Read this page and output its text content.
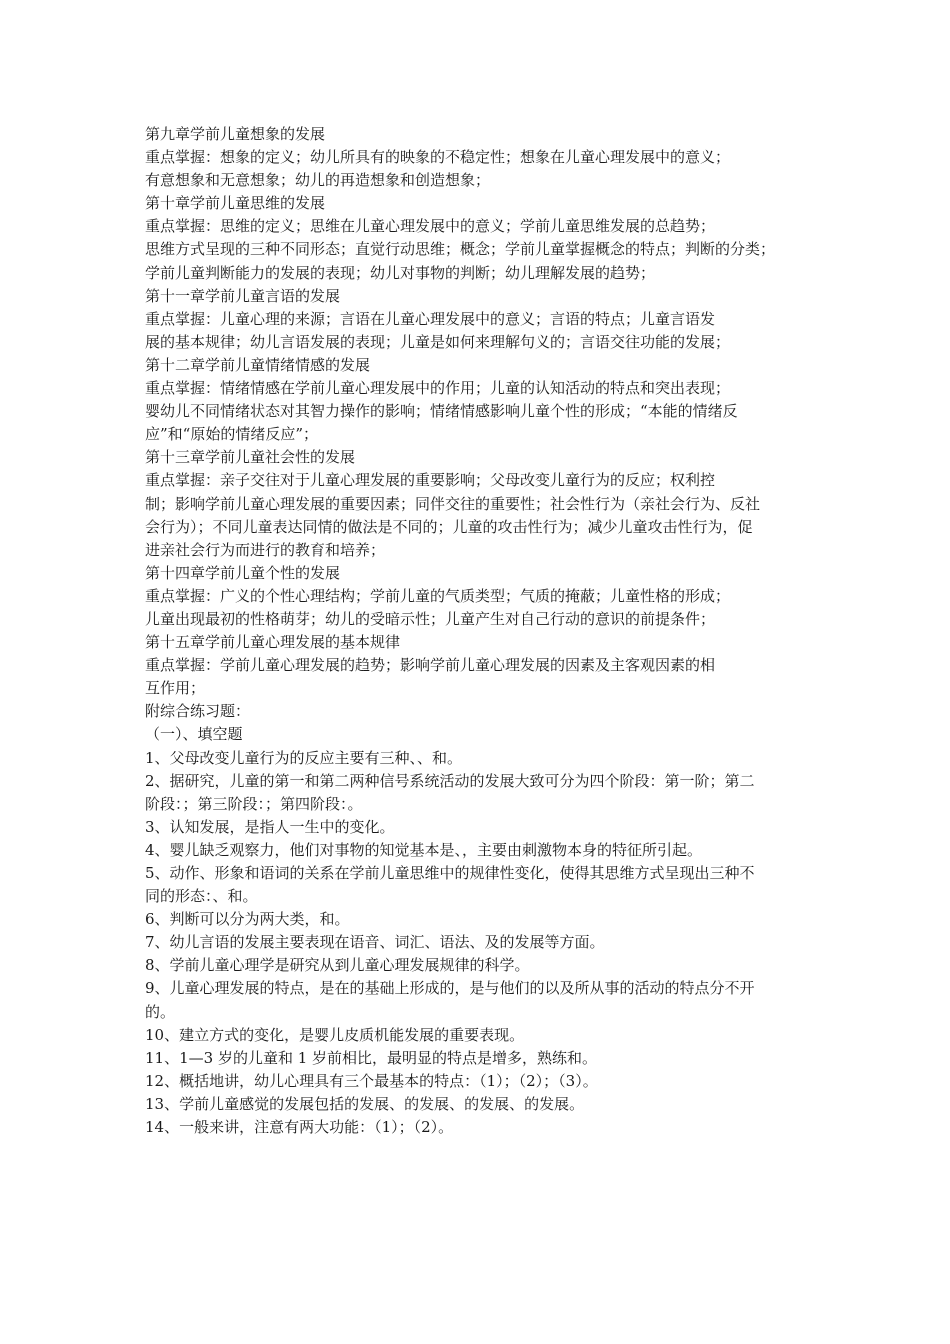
第九章学前儿童想象的发展
重点掌握：想象的定义；幼儿所具有的映象的不稳定性；想象在儿童心理发展中的意义；
有意想象和无意想象；幼儿的再造想象和创造想象；
第十章学前儿童思维的发展
重点掌握：思维的定义；思维在儿童心理发展中的意义；学前儿童思维发展的总趋势；
思维方式呈现的三种不同形态；直觉行动思维；概念；学前儿童掌握概念的特点；判断的分类；
学前儿童判断能力的发展的表现；幼儿对事物的判断；幼儿理解发展的趋势；
第十一章学前儿童言语的发展
重点掌握：儿童心理的来源；言语在儿童心理发展中的意义；言语的特点；儿童言语发
展的基本规律；幼儿言语发展的表现；儿童是如何来理解句义的；言语交往功能的发展；
第十二章学前儿童情绪情感的发展
重点掌握：情绪情感在学前儿童心理发展中的作用；儿童的认知活动的特点和突出表现；
婴幼儿不同情绪状态对其智力操作的影响；情绪情感影响儿童个性的形成；“本能的情绪反
应”和“原始的情绪反应”；
第十三章学前儿童社会性的发展
重点掌握：亲子交往对于儿童心理发展的重要影响；父母改变儿童行为的反应；权利控
制；影响学前儿童心理发展的重要因素；同伴交往的重要性；社会性行为（亲社会行为、反社
会行为）；不同儿童表达同情的做法是不同的；儿童的攻击性行为；减少儿童攻击性行为，促
进亲社会行为而进行的教育和培养；
第十四章学前儿童个性的发展
重点掌握：广义的个性心理结构；学前儿童的气质类型；气质的掩蔽；儿童性格的形成；
儿童出现最初的性格萌芽；幼儿的受暗示性；儿童产生对自己行动的意识的前提条件；
第十五章学前儿童心理发展的基本规律
重点掌握：学前儿童心理发展的趋势；影响学前儿童心理发展的因素及主客观因素的相
互作用；
附综合练习题：
（一）、填空题
1、父母改变儿童行为的反应主要有三种、、和。
2、据研究，儿童的第一和第二两种信号系统活动的发展大致可分为四个阶段：第一阶；第二
阶段：；第三阶段：；第四阶段：。
3、认知发展，是指人一生中的变化。
4、婴儿缺乏观察力，他们对事物的知觉基本是、，主要由刺激物本身的特征所引起。
5、动作、形象和语词的关系在学前儿童思维中的规律性变化，使得其思维方式呈现出三种不
同的形态：、和。
6、判断可以分为两大类，和。
7、幼儿言语的发展主要表现在语音、词汇、语法、及的发展等方面。
8、学前儿童心理学是研究从到儿童心理发展规律的科学。
9、儿童心理发展的特点，是在的基础上形成的，是与他们的以及所从事的活动的特点分不开
的。
10、建立方式的变化，是婴儿皮质机能发展的重要表现。
11、1—3 岁的儿童和 1 岁前相比，最明显的特点是增多，熟练和。
12、概括地讲，幼儿心理具有三个最基本的特点：（1）；（2）；（3）。
13、学前儿童感觉的发展包括的发展、的发展、的发展、的发展。
14、一般来讲，注意有两大功能：（1）；（2）。
